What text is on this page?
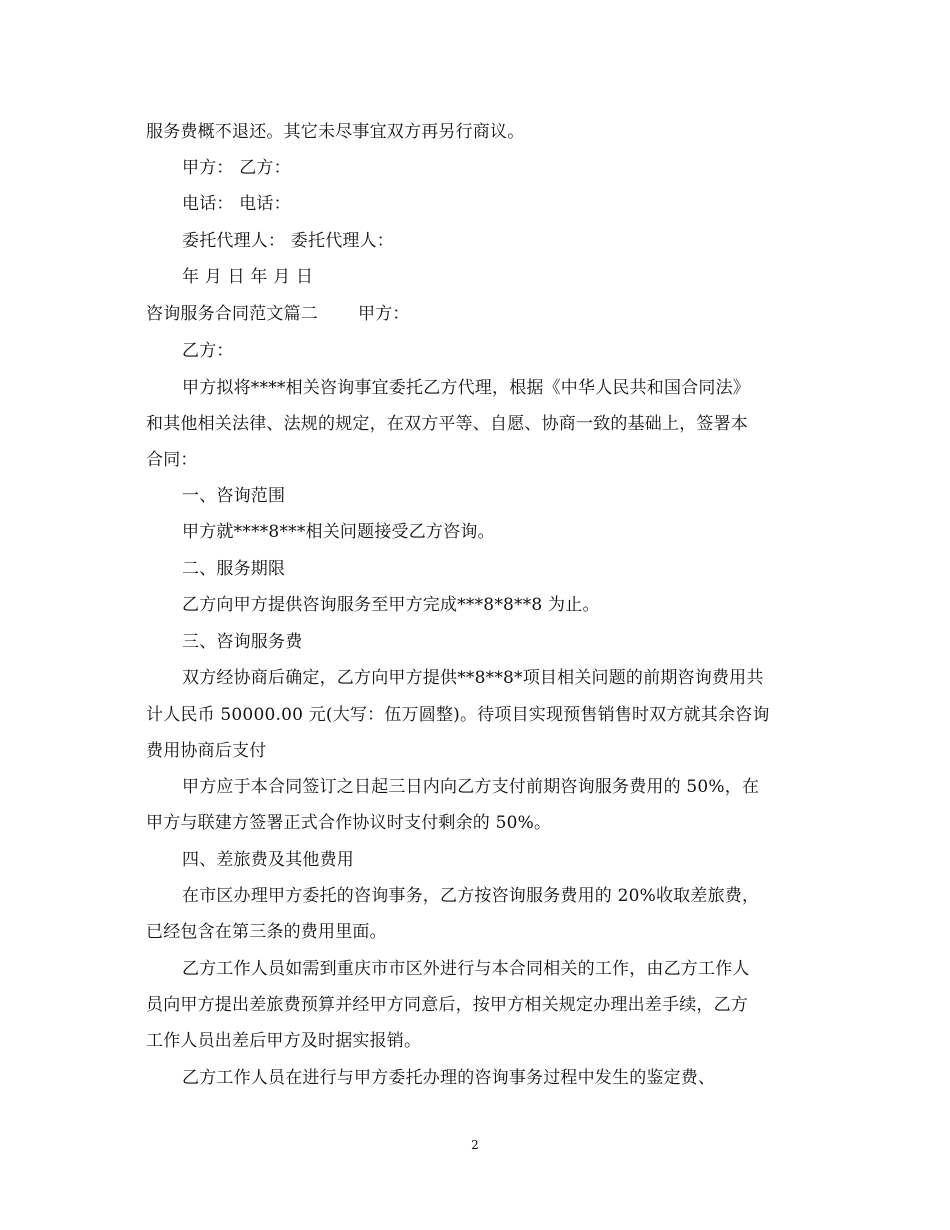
服务费概不退还。其它未尽事宜双方再另行商议。
甲方： 乙方：
电话： 电话：
委托代理人： 委托代理人：
年 月 日 年 月 日
咨询服务合同范文篇二　　 甲方：
乙方：
甲方拟将****相关咨询事宜委托乙方代理，根据《中华人民共和国合同法》
和其他相关法律、法规的规定，在双方平等、自愿、协商一致的基础上，签署本
合同：
一、咨询范围
甲方就****8***相关问题接受乙方咨询。
二、服务期限
乙方向甲方提供咨询服务至甲方完成***8*8**8 为止。
三、咨询服务费
双方经协商后确定，乙方向甲方提供**8**8*项目相关问题的前期咨询费用共
计人民币 50000.00 元(大写：伍万圆整)。待项目实现预售销售时双方就其余咨询
费用协商后支付
甲方应于本合同签订之日起三日内向乙方支付前期咨询服务费用的 50%，在
甲方与联建方签署正式合作协议时支付剩余的 50%。
四、差旅费及其他费用
在市区办理甲方委托的咨询事务，乙方按咨询服务费用的 20%收取差旅费，
已经包含在第三条的费用里面。
乙方工作人员如需到重庆市市区外进行与本合同相关的工作，由乙方工作人
员向甲方提出差旅费预算并经甲方同意后，按甲方相关规定办理出差手续，乙方
工作人员出差后甲方及时据实报销。
乙方工作人员在进行与甲方委托办理的咨询事务过程中发生的鉴定费、
2
